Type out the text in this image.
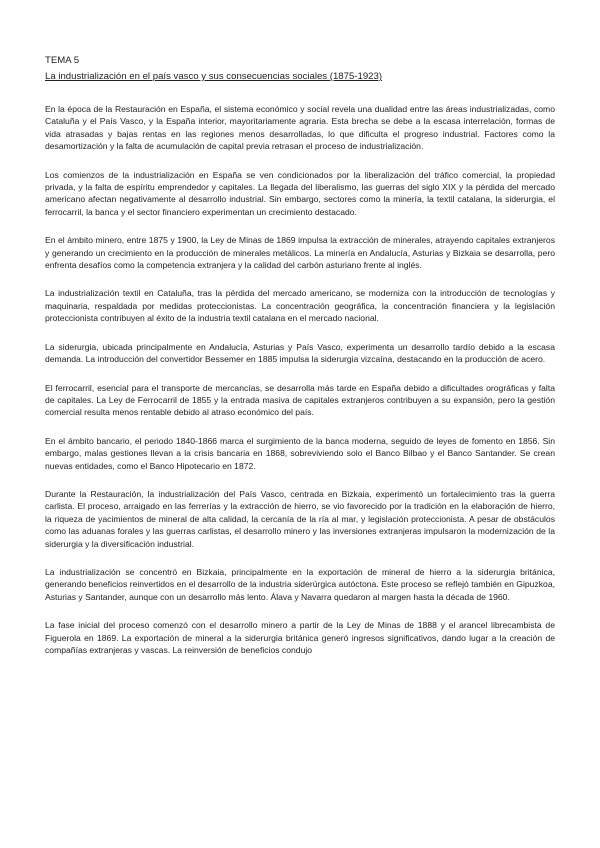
TEMA 5

La industrialización en el país vasco y sus consecuencias sociales (1875-1923)

En la época de la Restauración en España, el sistema económico y social revela una dualidad entre las áreas industrializadas, como Cataluña y el País Vasco, y la España interior, mayoritariamente agraria. Esta brecha se debe a la escasa interrelación, formas de vida atrasadas y bajas rentas en las regiones menos desarrolladas, lo que dificulta el progreso industrial. Factores como la desamortización y la falta de acumulación de capital previa retrasan el proceso de industrialización.

Los comienzos de la industrialización en España se ven condicionados por la liberalización del tráfico comercial, la propiedad privada, y la falta de espíritu emprendedor y capitales. La llegada del liberalismo, las guerras del siglo XIX y la pérdida del mercado americano afectan negativamente al desarrollo industrial. Sin embargo, sectores como la minería, la textil catalana, la siderurgia, el ferrocarril, la banca y el sector financiero experimentan un crecimiento destacado.

En el ámbito minero, entre 1875 y 1900, la Ley de Minas de 1869 impulsa la extracción de minerales, atrayendo capitales extranjeros y generando un crecimiento en la producción de minerales metálicos. La minería en Andalucía, Asturias y Bizkaia se desarrolla, pero enfrenta desafíos como la competencia extranjera y la calidad del carbón asturiano frente al inglés.

La industrialización textil en Cataluña, tras la pérdida del mercado americano, se moderniza con la introducción de tecnologías y maquinaria, respaldada por medidas proteccionistas. La concentración geográfica, la concentración financiera y la legislación proteccionista contribuyen al éxito de la industria textil catalana en el mercado nacional.

La siderurgia, ubicada principalmente en Andalucía, Asturias y País Vasco, experimenta un desarrollo tardío debido a la escasa demanda. La introducción del convertidor Bessemer en 1885 impulsa la siderurgia vizcaína, destacando en la producción de acero.

El ferrocarril, esencial para el transporte de mercancías, se desarrolla más tarde en España debido a dificultades orográficas y falta de capitales. La Ley de Ferrocarril de 1855 y la entrada masiva de capitales extranjeros contribuyen a su expansión, pero la gestión comercial resulta menos rentable debido al atraso económico del país.

En el ámbito bancario, el periodo 1840-1866 marca el surgimiento de la banca moderna, seguido de leyes de fomento en 1856. Sin embargo, malas gestiones llevan a la crisis bancaria en 1868, sobreviviendo solo el Banco Bilbao y el Banco Santander. Se crean nuevas entidades, como el Banco Hipotecario en 1872.

Durante la Restauración, la industrialización del País Vasco, centrada en Bizkaia, experimentó un fortalecimiento tras la guerra carlista. El proceso, arraigado en las ferrerías y la extracción de hierro, se vio favorecido por la tradición en la elaboración de hierro, la riqueza de yacimientos de mineral de alta calidad, la cercanía de la ría al mar, y legislación proteccionista. A pesar de obstáculos como las aduanas forales y las guerras carlistas, el desarrollo minero y las inversiones extranjeras impulsaron la modernización de la siderurgia y la diversificación industrial.

La industrialización se concentró en Bizkaia, principalmente en la exportación de mineral de hierro a la siderurgia británica, generando beneficios reinvertidos en el desarrollo de la industria siderúrgica autóctona. Este proceso se reflejó también en Gipuzkoa, Asturias y Santander, aunque con un desarrollo más lento. Álava y Navarra quedaron al margen hasta la década de 1960.

La fase inicial del proceso comenzó con el desarrollo minero a partir de la Ley de Minas de 1888 y el arancel librecambista de Figuerola en 1869. La exportación de mineral a la siderurgia británica generó ingresos significativos, dando lugar a la creación de compañías extranjeras y vascas. La reinversión de beneficios condujo
